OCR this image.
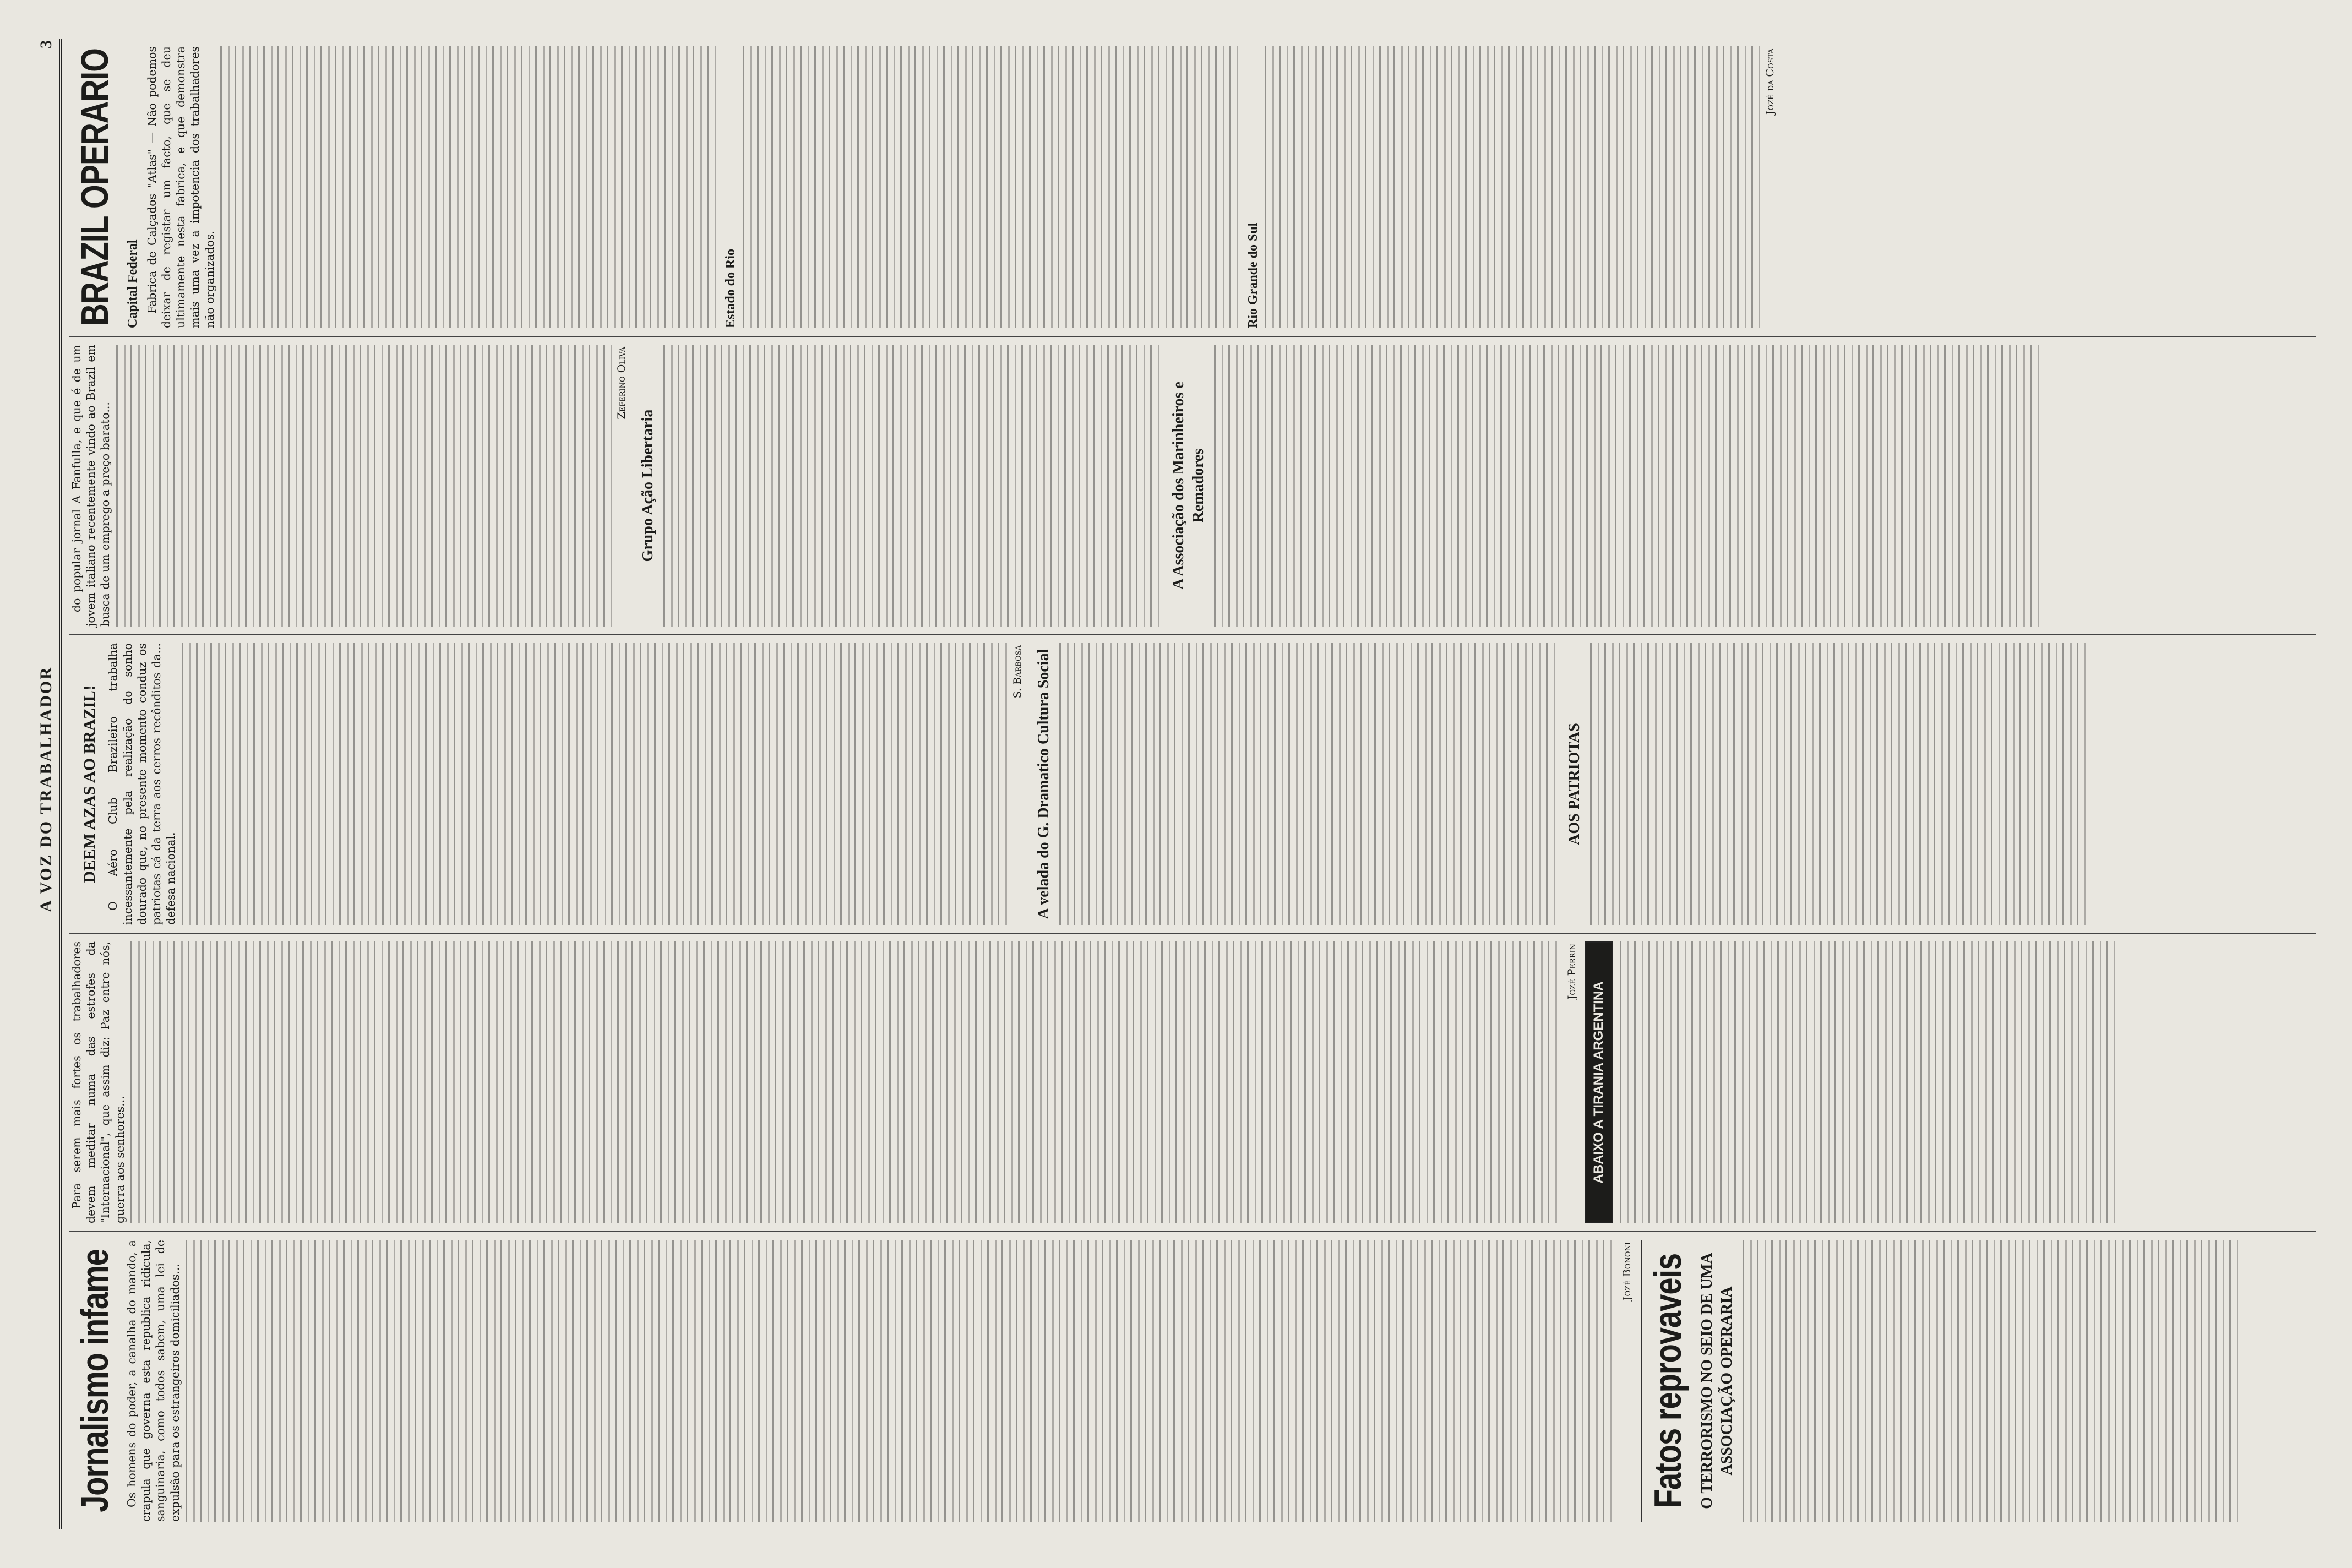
A VOZ DO TRABALHADOR
3
Jornalismo infame Os homens do poder, a canalha do mando, a crapula que governa esta republica ridicula, sanguinaria, como todos sabem, uma lei de expulsão para os estrangeiros domiciliados...	Jozé Bononi Fatos reprovaveis O TERRORISMO NO SEIO DE UMA ASSOCIAÇÃO OPERARIA

Para serem mais fortes os trabalhadores devem meditar numa das estrofes da "Internacional", que assim diz: Paz entre nós, guerra aos senhores...

Jozé Perrin
ABAIXO A TIRANIA ARGENTINA
DEEM AZAS AO BRAZIL! O Aéro Club Brazileiro trabalha incessantemente pela realização do sonho dourado que, no presente momento conduz os patriotas cá da terra aos cerros recônditos da... defesa nacional.

S. Barbosa A velada do G. Dramatico Cultura Social	AOS PATRIOTAS

do popular jornal A Fanfulla, e que é de um jovem italiano recentemente vindo ao Brazil em busca de um emprego a preço barato...

Zeferino Oliva
Grupo Ação Libertaria	A Associação dos Marinheiros e Remadores
BRAZIL OPERARIO Capital Federal Fabrica de Calçados "Atlas" — Não podemos deixar de registar um facto, que se deu ultimamente nesta fabrica, e que demonstra mais uma vez a impotencia dos trabalhadores não organizados.	Estado do Rio	Rio Grande do Sul
Jozé da Costa
